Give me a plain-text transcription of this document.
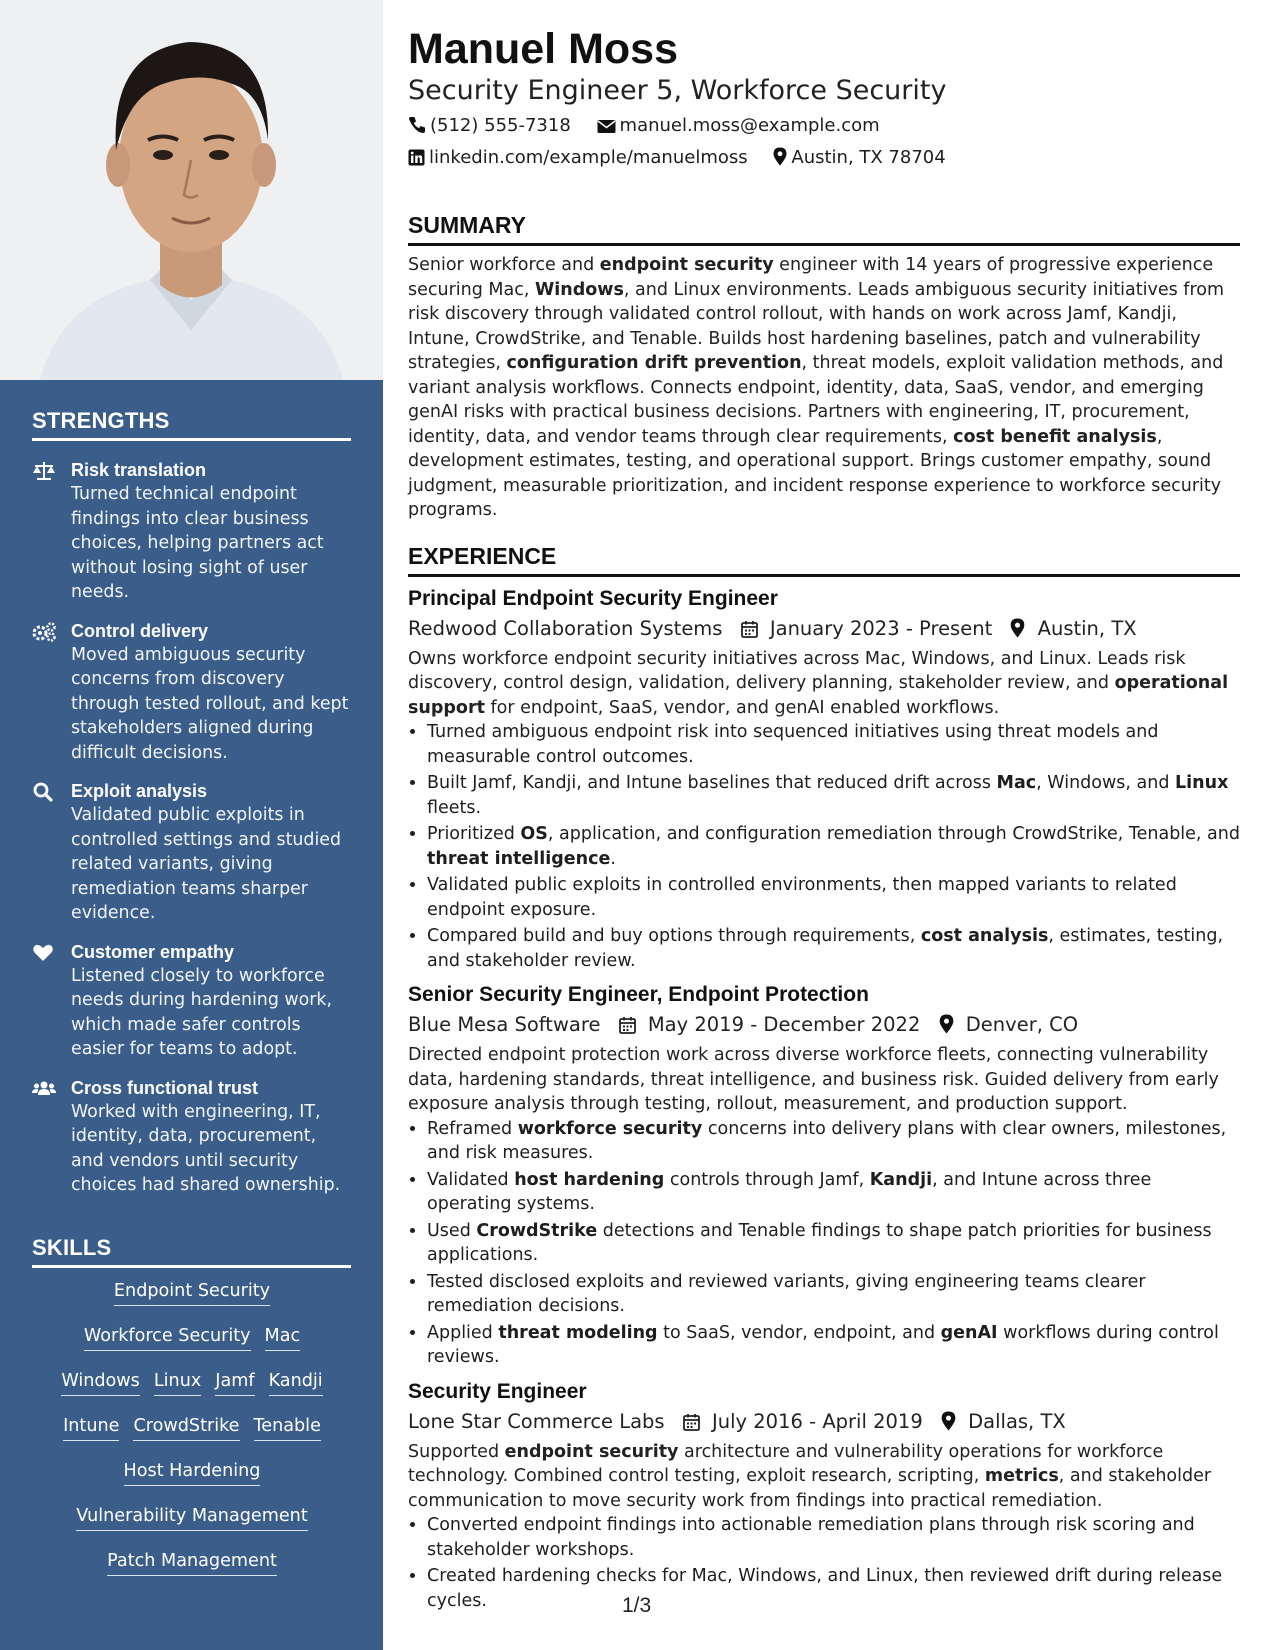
STRENGTHS
Risk translation
Turned technical endpoint findings into clear business choices, helping partners act without losing sight of user needs.
Control delivery
Moved ambiguous security concerns from discovery through tested rollout, and kept stakeholders aligned during difficult decisions.
Exploit analysis
Validated public exploits in controlled settings and studied related variants, giving remediation teams sharper evidence.
Customer empathy
Listened closely to workforce needs during hardening work, which made safer controls easier for teams to adopt.
Cross functional trust
Worked with engineering, IT, identity, data, procurement, and vendors until security choices had shared ownership.
SKILLS
Endpoint Security
Workforce Security Mac
Windows Linux Jamf Kandji
Intune CrowdStrike Tenable
Host Hardening
Vulnerability Management
Patch Management
Manuel Moss
Security Engineer 5, Workforce Security
(512) 555-7318	manuel.moss@example.com
linkedin.com/example/manuelmoss Austin, TX 78704
SUMMARY
Senior workforce and endpoint security engineer with 14 years of progressive experience securing Mac, Windows, and Linux environments. Leads ambiguous security initiatives from risk discovery through validated control rollout, with hands on work across Jamf, Kandji, Intune, CrowdStrike, and Tenable. Builds host hardening baselines, patch and vulnerability strategies, configuration drift prevention, threat models, exploit validation methods, and variant analysis workflows. Connects endpoint, identity, data, SaaS, vendor, and emerging genAI risks with practical business decisions. Partners with engineering, IT, procurement, identity, data, and vendor teams through clear requirements, cost benefit analysis, development estimates, testing, and operational support. Brings customer empathy, sound judgment, measurable prioritization, and incident response experience to workforce security programs.
EXPERIENCE
Principal Endpoint Security Engineer
Redwood Collaboration Systems January 2023 - Present Austin, TX
Owns workforce endpoint security initiatives across Mac, Windows, and Linux. Leads risk discovery, control design, validation, delivery planning, stakeholder review, and operational support for endpoint, SaaS, vendor, and genAI enabled workflows.
• Turned ambiguous endpoint risk into sequenced initiatives using threat models and measurable control outcomes.
• Built Jamf, Kandji, and Intune baselines that reduced drift across Mac, Windows, and Linux fleets.
• Prioritized OS, application, and configuration remediation through CrowdStrike, Tenable, and threat intelligence.
• Validated public exploits in controlled environments, then mapped variants to related endpoint exposure.
• Compared build and buy options through requirements, cost analysis, estimates, testing, and stakeholder review.
Senior Security Engineer, Endpoint Protection
Blue Mesa Software May 2019 - December 2022 Denver, CO
Directed endpoint protection work across diverse workforce fleets, connecting vulnerability data, hardening standards, threat intelligence, and business risk. Guided delivery from early exposure analysis through testing, rollout, measurement, and production support.
• Reframed workforce security concerns into delivery plans with clear owners, milestones, and risk measures.
• Validated host hardening controls through Jamf, Kandji, and Intune across three operating systems.
• Used CrowdStrike detections and Tenable findings to shape patch priorities for business applications.
• Tested disclosed exploits and reviewed variants, giving engineering teams clearer remediation decisions.
• Applied threat modeling to SaaS, vendor, endpoint, and genAI workflows during control reviews.
Security Engineer
Lone Star Commerce Labs July 2016 - April 2019 Dallas, TX
Supported endpoint security architecture and vulnerability operations for workforce technology. Combined control testing, exploit research, scripting, metrics, and stakeholder communication to move security work from findings into practical remediation.
• Converted endpoint findings into actionable remediation plans through risk scoring and stakeholder workshops.
• Created hardening checks for Mac, Windows, and Linux, then reviewed drift during release cycles.	1/3
